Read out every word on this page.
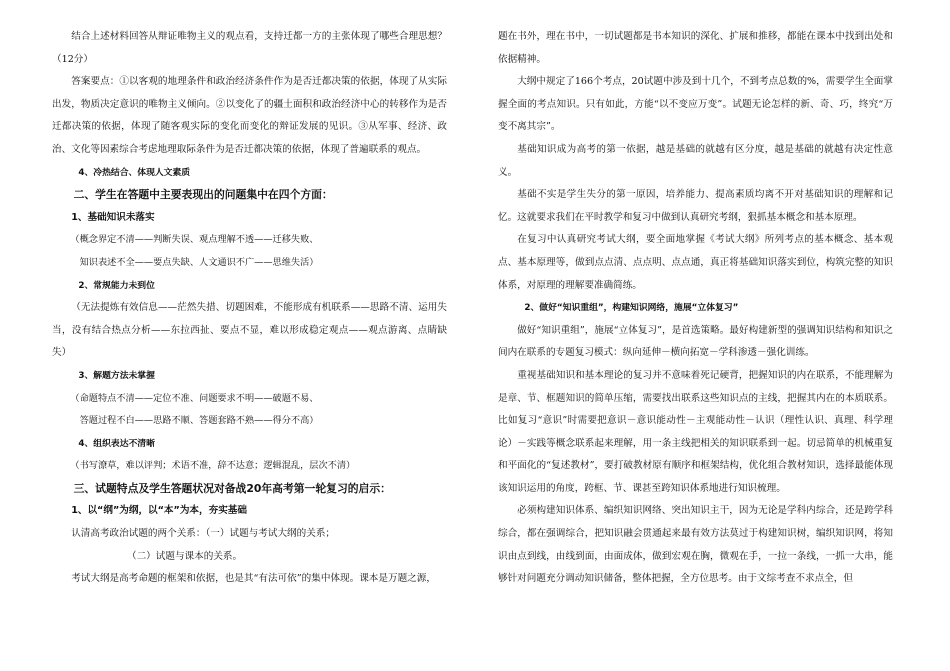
结合上述材料回答从辩证唯物主义的观点看，支持迁都一方的主张体现了哪些合理思想？（12分）

答案要点：①以客观的地理条件和政治经济条件作为是否迁都决策的依据，体现了从实际出发，物质决定意识的唯物主义倾向。②以变化了的疆土面积和政治经济中心的转移作为是否迁都决策的依据，体现了随客观实际的变化而变化的辩证发展的见识。③从军事、经济、政治、文化等因素综合考虑地理取际条件为是否迁都决策的依据，体现了普遍联系的观点。

4、冷热结合、体现人文素质
二、学生在答题中主要表现出的问题集中在四个方面：
1、基础知识未落实
（概念界定不清——判断失误、观点理解不透——迁移失败、
知识表述不全——要点失缺、人文通识不广——思维失活）
2、常规能力未到位

（无法提炼有效信息——茫然失措、切题困难，不能形成有机联系——思路不清、运用失当，没有结合热点分析——东拉西扯、要点不显，难以形成稳定观点——观点游离、点睛缺失）

3、解题方法未掌握
（命题特点不清——定位不准、问题要求不明——破题不易、
答题过程不白——思路不顺、答题套路不熟——得分不高）
4、组织表达不清晰
（书写潦草，难以评判；术语不准，辞不达意；逻辑混乱，层次不清）
三、试题特点及学生答题状况对备战20年高考第一轮复习的启示：
1、以“纲”为纲，以“本”为本，夯实基础

认清高考政治试题的两个关系：（一）试题与考试大纲的关系；

（二）试题与课本的关系。

考试大纲是高考命题的框架和依据，也是其“有法可依”的集中体现。课本是万题之源，

题在书外，理在书中，一切试题都是书本知识的深化、扩展和推移，都能在课本中找到出处和依据精神。

大纲中规定了166个考点，20试题中涉及到十几个，不到考点总数的%，需要学生全面掌握全面的考点知识。只有如此，方能“以不变应万变”。试题无论怎样的新、奇、巧，终究“万变不离其宗”。

基础知识成为高考的第一依据，越是基础的就越有区分度，越是基础的就越有决定性意义。

基础不实是学生失分的第一原因，培养能力、提高素质均离不开对基础知识的理解和记忆。这就要求我们在平时教学和复习中做到认真研究考纲，狠抓基本概念和基本原理。

在复习中认真研究考试大纲，要全面地掌握《考试大纲》所列考点的基本概念、基本观点、基本原理等，做到点点清、点点明、点点通，真正将基础知识落实到位，构筑完整的知识体系，对原理的理解要准确简练。

2、做好“知识重组”，构建知识网络，施展“立体复习”

做好“知识重组”，施展“立体复习”，是首选策略。最好构建新型的强调知识结构和知识之间内在联系的专题复习模式：纵向延伸－横向拓宽－学科渗透－强化训练。

重视基础知识和基本理论的复习并不意味着死记硬背，把握知识的内在联系，不能理解为是章、节、框题知识的简单压缩，需要找出联系这些知识点的主线，把握其内在的本质联系。比如复习“意识”时需要把意识－意识能动性－主观能动性－认识（理性认识、真理、科学理论）－实践等概念联系起来理解，用一条主线把相关的知识联系到一起。切忌简单的机械重复和平面化的“复述教材”，要打破教材原有顺序和框架结构，优化组合教材知识，选择最能体现该知识运用的角度，跨框、节、课甚至跨知识体系地进行知识梳理。

必须构建知识体系、编织知识网络、突出知识主干，因为无论是学科内综合，还是跨学科综合，都在强调综合，把知识融会贯通起来最有效方法莫过于构建知识树，编织知识网，将知识由点到线，由线到面，由面成体，做到宏观在胸，微观在手，一拉一条线，一抓一大串，能够针对问题充分调动知识储备，整体把握，全方位思考。由于文综考查不求点全，但
